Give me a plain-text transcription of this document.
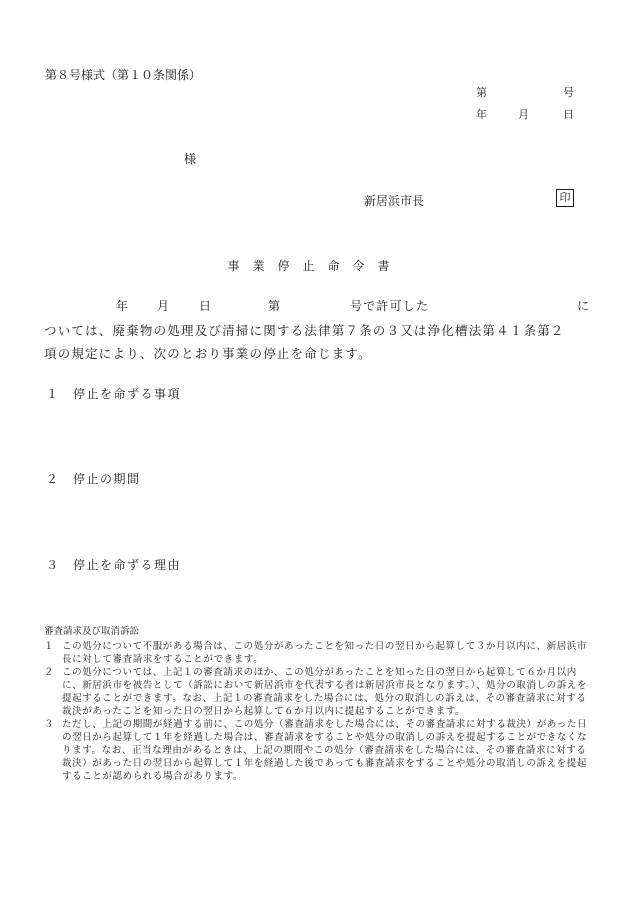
第８号様式（第１０条関係）
第	号
年	月	日
様
新居浜市長	印
事業停止命令書
年 月 日	第	号で許可した	に
ついては、廃棄物の処理及び清掃に関する法律第７条の３又は浄化槽法第４１条第２
項の規定により、次のとおり事業の停止を命じます。
１　停止を命ずる事項
２　停止の期間
３　停止を命ずる理由
審査請求及び取消訴訟
１ この処分について不服がある場合は、この処分があったことを知った日の翌日から起算して３か月以内に、新居浜市長に対して審査請求をすることができます。
２ この処分については、上記１の審査請求のほか、この処分があったことを知った日の翌日から起算して６か月以内に、新居浜市を被告として（訴訟において新居浜市を代表する者は新居浜市長となります。）、処分の取消しの訴えを提起することができます。なお、上記１の審査請求をした場合には、処分の取消しの訴えは、その審査請求に対する裁決があったことを知った日の翌日から起算して６か月以内に提起することができます。
３ ただし、上記の期間が経過する前に、この処分（審査請求をした場合には、その審査請求に対する裁決）があった日の翌日から起算して１年を経過した場合は、審査請求をすることや処分の取消しの訴えを提起することができなくなります。なお、正当な理由があるときは、上記の期間やこの処分（審査請求をした場合には、その審査請求に対する裁決）があった日の翌日から起算して１年を経過した後であっても審査請求をすることや処分の取消しの訴えを提起することが認められる場合があります。
